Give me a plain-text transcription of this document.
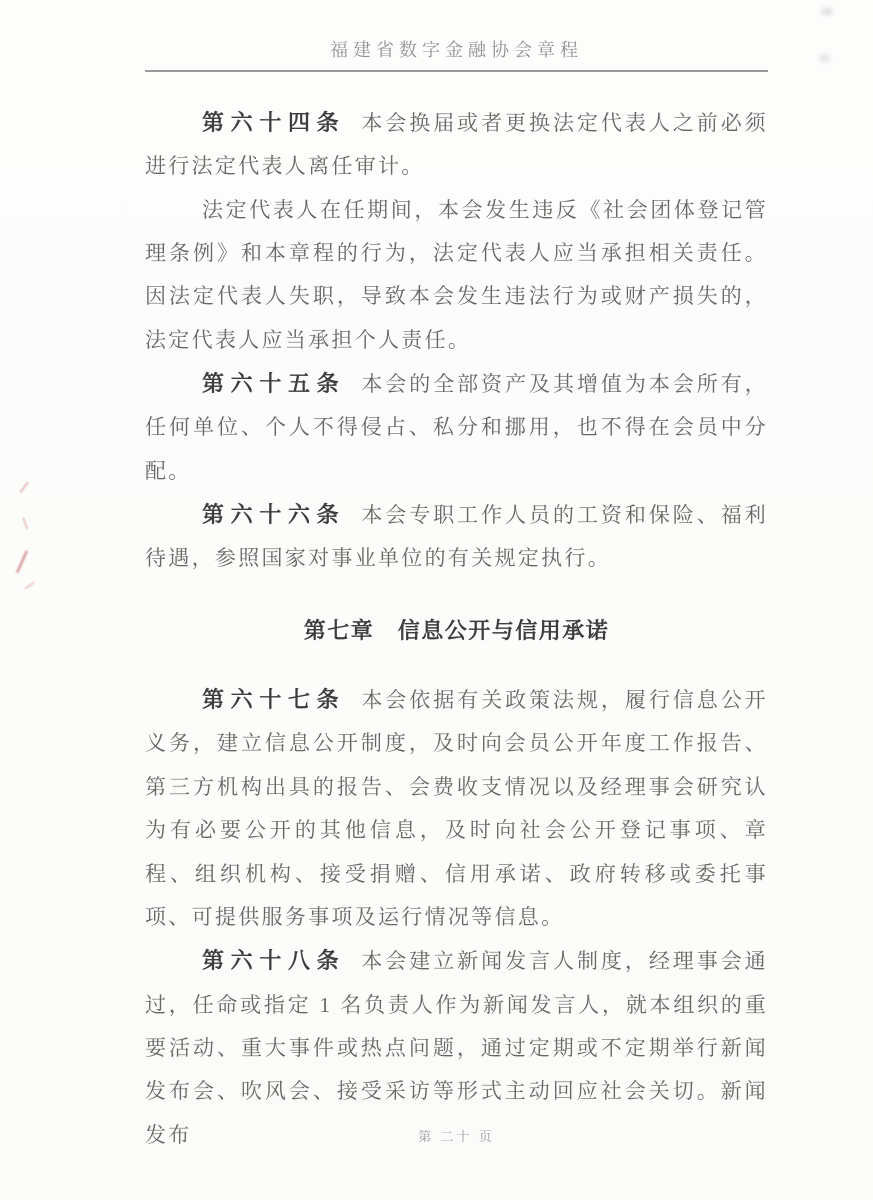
福建省数字金融协会章程

第六十四条 本会换届或者更换法定代表人之前必须进行法定代表人离任审计。

法定代表人在任期间，本会发生违反《社会团体登记管理条例》和本章程的行为，法定代表人应当承担相关责任。因法定代表人失职，导致本会发生违法行为或财产损失的，法定代表人应当承担个人责任。

第六十五条 本会的全部资产及其增值为本会所有，任何单位、个人不得侵占、私分和挪用，也不得在会员中分配。

第六十六条 本会专职工作人员的工资和保险、福利待遇，参照国家对事业单位的有关规定执行。

第七章　信息公开与信用承诺

第六十七条 本会依据有关政策法规，履行信息公开义务，建立信息公开制度，及时向会员公开年度工作报告、第三方机构出具的报告、会费收支情况以及经理事会研究认为有必要公开的其他信息，及时向社会公开登记事项、章程、组织机构、接受捐赠、信用承诺、政府转移或委托事项、可提供服务事项及运行情况等信息。

第六十八条 本会建立新闻发言人制度，经理事会通过，任命或指定 1 名负责人作为新闻发言人，就本组织的重要活动、重大事件或热点问题，通过定期或不定期举行新闻发布会、吹风会、接受采访等形式主动回应社会关切。新闻发布	第 二十 页
